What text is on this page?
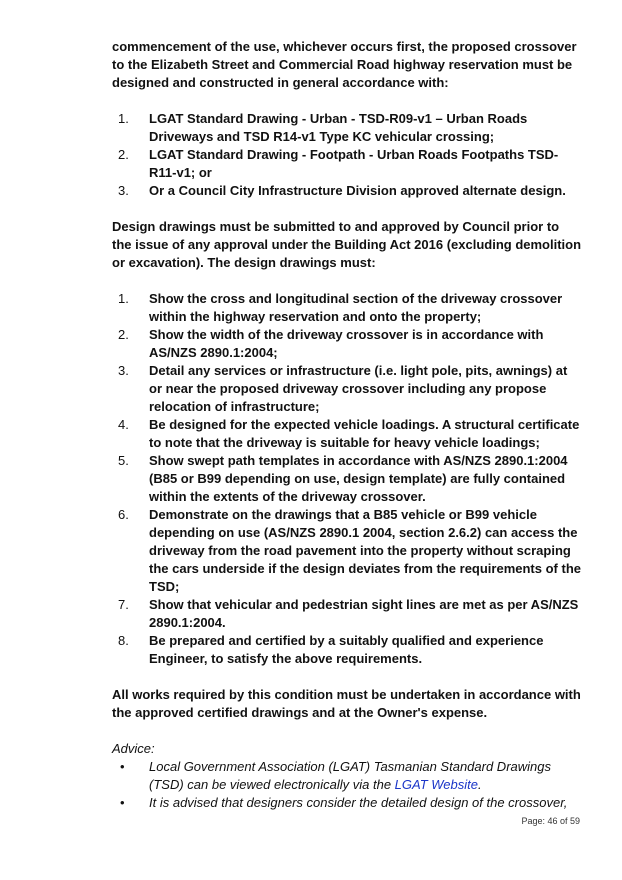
commencement of the use, whichever occurs first, the proposed crossover to the Elizabeth Street and Commercial Road highway reservation must be designed and constructed in general accordance with:

1. LGAT Standard Drawing - Urban - TSD-R09-v1 – Urban Roads Driveways and TSD R14-v1 Type KC vehicular crossing;
2. LGAT Standard Drawing - Footpath - Urban Roads Footpaths TSD-R11-v1; or
3. Or a Council City Infrastructure Division approved alternate design.

Design drawings must be submitted to and approved by Council prior to the issue of any approval under the Building Act 2016 (excluding demolition or excavation). The design drawings must:

1. Show the cross and longitudinal section of the driveway crossover within the highway reservation and onto the property;
2. Show the width of the driveway crossover is in accordance with AS/NZS 2890.1:2004;
3. Detail any services or infrastructure (i.e. light pole, pits, awnings) at or near the proposed driveway crossover including any propose relocation of infrastructure;
4. Be designed for the expected vehicle loadings. A structural certificate to note that the driveway is suitable for heavy vehicle loadings;
5. Show swept path templates in accordance with AS/NZS 2890.1:2004 (B85 or B99 depending on use, design template) are fully contained within the extents of the driveway crossover.
6. Demonstrate on the drawings that a B85 vehicle or B99 vehicle depending on use (AS/NZS 2890.1 2004, section 2.6.2) can access the driveway from the road pavement into the property without scraping the cars underside if the design deviates from the requirements of the TSD;
7. Show that vehicular and pedestrian sight lines are met as per AS/NZS 2890.1:2004.
8. Be prepared and certified by a suitably qualified and experience Engineer, to satisfy the above requirements.

All works required by this condition must be undertaken in accordance with the approved certified drawings and at the Owner's expense.

Advice:
• Local Government Association (LGAT) Tasmanian Standard Drawings (TSD) can be viewed electronically via the LGAT Website.
• It is advised that designers consider the detailed design of the crossover,
Page: 46 of 59
